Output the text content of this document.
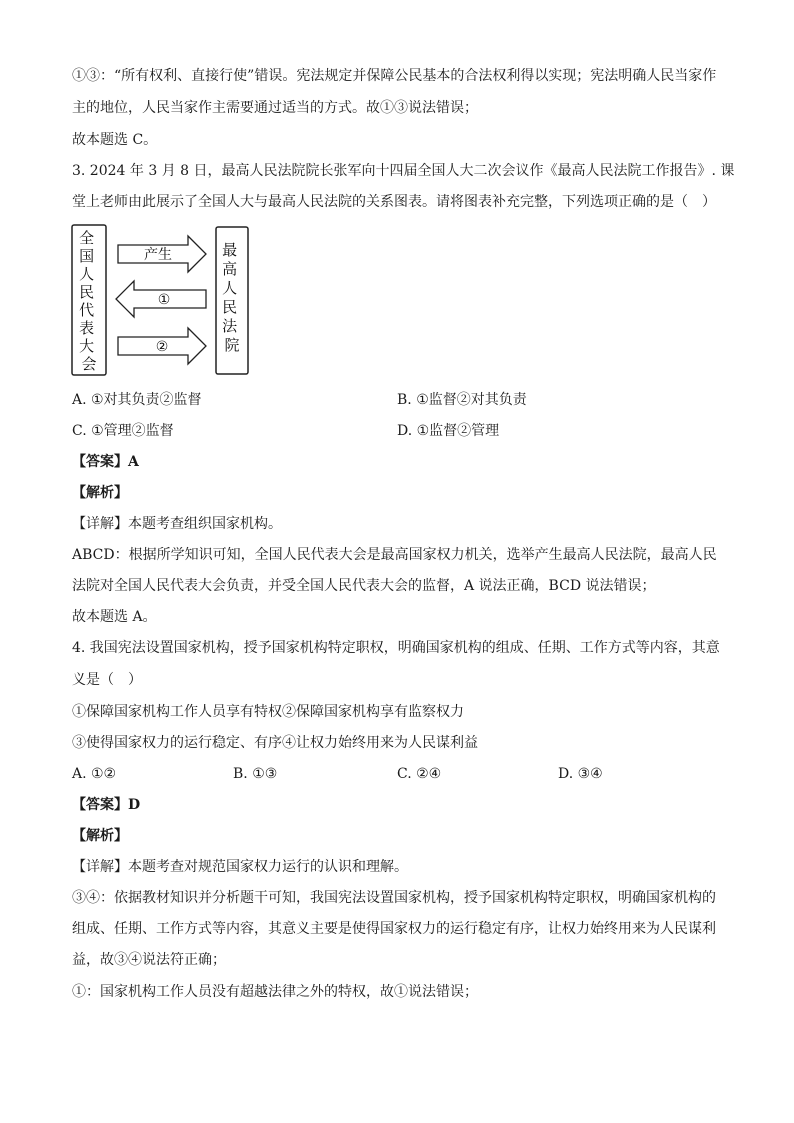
①③：“所有权利、直接行使”错误。宪法规定并保障公民基本的合法权利得以实现；宪法明确人民当家作
主的地位，人民当家作主需要通过适当的方式。故①③说法错误；
故本题选 C。
3. 2024 年 3 月 8 日，最高人民法院院长张军向十四届全国人大二次会议作《最高人民法院工作报告》. 课
堂上老师由此展示了全国人大与最高人民法院的关系图表。请将图表补充完整，下列选项正确的是（　）
全 国 人 民 代 表 大 会
最 高 人 民 法 院
产生
①
②
A. ①对其负责②监督	B. ①监督②对其负责
C. ①管理②监督	D. ①监督②管理
【答案】A
【解析】
【详解】本题考查组织国家机构。
ABCD：根据所学知识可知，全国人民代表大会是最高国家权力机关，选举产生最高人民法院，最高人民
法院对全国人民代表大会负责，并受全国人民代表大会的监督，A 说法正确，BCD 说法错误；
故本题选 A。
4. 我国宪法设置国家机构，授予国家机构特定职权，明确国家机构的组成、任期、工作方式等内容，其意
义是（　）
①保障国家机构工作人员享有特权②保障国家机构享有监察权力
③使得国家权力的运行稳定、有序④让权力始终用来为人民谋利益
A. ①②	B. ①③	C. ②④	D. ③④
【答案】D
【解析】
【详解】本题考查对规范国家权力运行的认识和理解。
③④：依据教材知识并分析题干可知，我国宪法设置国家机构，授予国家机构特定职权，明确国家机构的
组成、任期、工作方式等内容，其意义主要是使得国家权力的运行稳定有序，让权力始终用来为人民谋利
益，故③④说法符正确；
①：国家机构工作人员没有超越法律之外的特权，故①说法错误；
